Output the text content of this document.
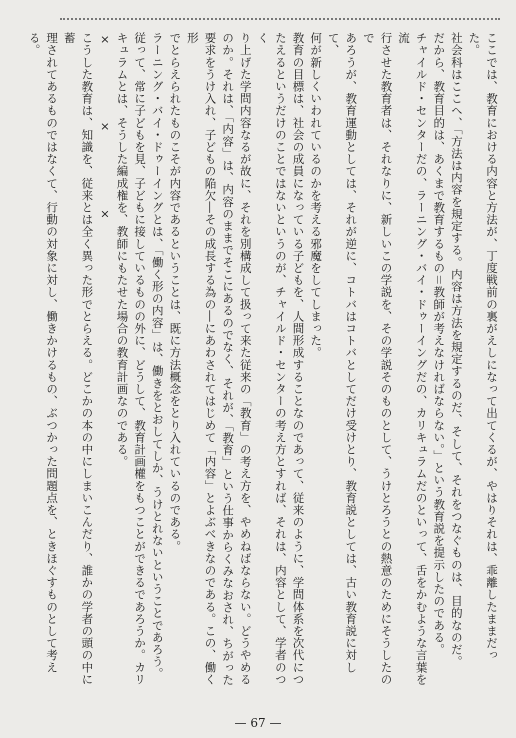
ここでは、教育における内容と方法が、丁度戦前の裏がえしになって出てくるが、やはりそれは、乖離したままだっ
た。
社会科はここへ、「方法は内容を規定する。内容は方法を規定するのだ、そして、それをつなぐものは、目的なのだ。
だから、教育目的は、あくまで教育するもの＝教師が考えなければならない。」という教育説を提示したのである。
チャイルド・センターだの、ラーニング・バイ・ドゥーイングだの、カリキュラムだのといって、舌をかむような言葉を流
行させた教育者は、それなりに、新しいこの学説を、その学説そのものとして、うけとろうとの熱意のためにそうしたので
あろうが、教育運動としては、それが逆に、コトバはコトバとしてだけ受けとり、教育説としては、古い教育説に対して、
何が新しくいわれているのかを考える邪魔をしてしまった。
教育の目標は、社会の成員になっている子どもを、人間形成することなのであって、従来のように、学問体系を次代につ
たえるというだけのことではないというのが、チャイルド・センターの考え方とすれば、それは、内容として、学者のつく
り上げた学問内容なるが故に、それを別構成して扱って来た従来の「教育」の考え方を、やめねばならない。どうやめる
のか。それは、「内容」は、内容のままでそこにあるのでなく、それが、「教育」という仕事からくみなおされ、ちがった
要求をうけ入れ、子どもの陥欠―その成長する為の―にあわされてはじめて「内容」とよぶべきなのである。この、働く形
でとらえられたものこそが内容であるということは、既に方法概念をとり入れているのである。
ラーニング・バイ・ドゥーイングとは、「働く形の内容」は、働きをとおしてしか、うけとれないということであろう。
従って、常に子どもを見、子どもに接しているものの外に、どうして、教育計画權をもつことができるであろうか。カリ
キュラムとは、そうした編成権を、教師にもたせた場合の教育計画なのである。
×　　　　　　×　　　　　　×
こうした教育は、知識を、従来とは全く異った形でとらえる。どこかの本の中にしまいこんだり、誰かの学者の頭の中に蓄
理されてあるものではなくて、行動の対象に対し、働きかけるもの、ぶつかった問題点を、ときほぐすものとして考える。
— 67 —
